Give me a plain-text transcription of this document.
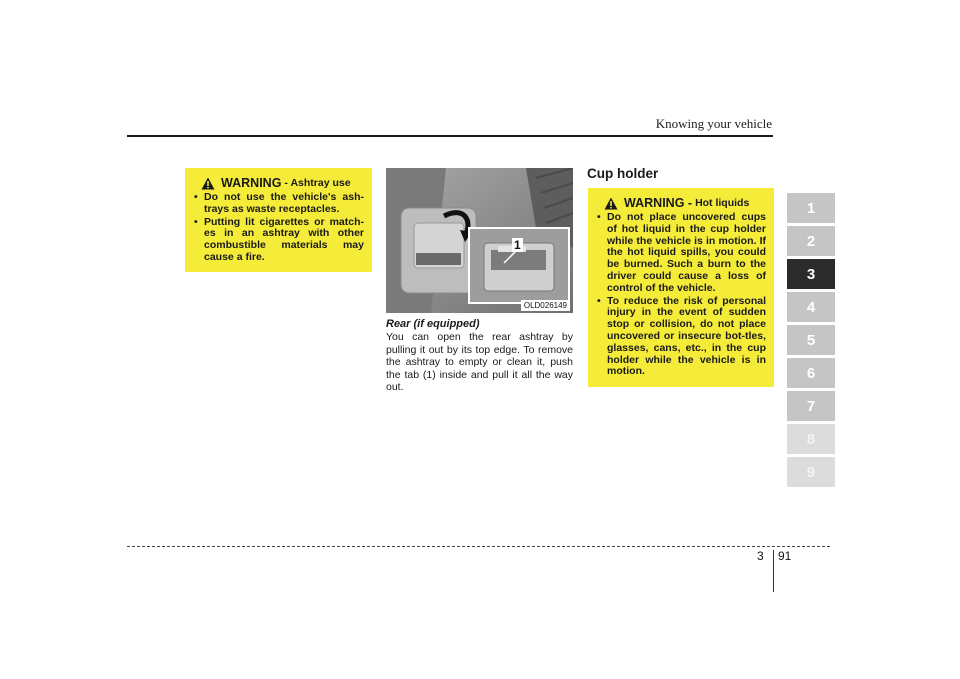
Knowing your vehicle
WARNING - Ashtray use
• Do not use the vehicle's ash-trays as waste receptacles.
• Putting lit cigarettes or match-es in an ashtray with other combustible materials may cause a fire.
1
OLD026149
Rear (if equipped)

You can open the rear ashtray by pulling it out by its top edge. To remove the ashtray to empty or clean it, push the tab (1) inside and pull it all the way out.

Cup holder
WARNING - Hot liquids
• Do not place uncovered cups of hot liquid in the cup holder while the vehicle is in motion. If the hot liquid spills, you could be burned. Such a burn to the driver could cause a loss of control of the vehicle.
• To reduce the risk of personal injury in the event of sudden stop or collision, do not place uncovered or insecure bot-tles, glasses, cans, etc., in the cup holder while the vehicle is in motion.
1
2
3
4
5
6
7
8
9
3 91
